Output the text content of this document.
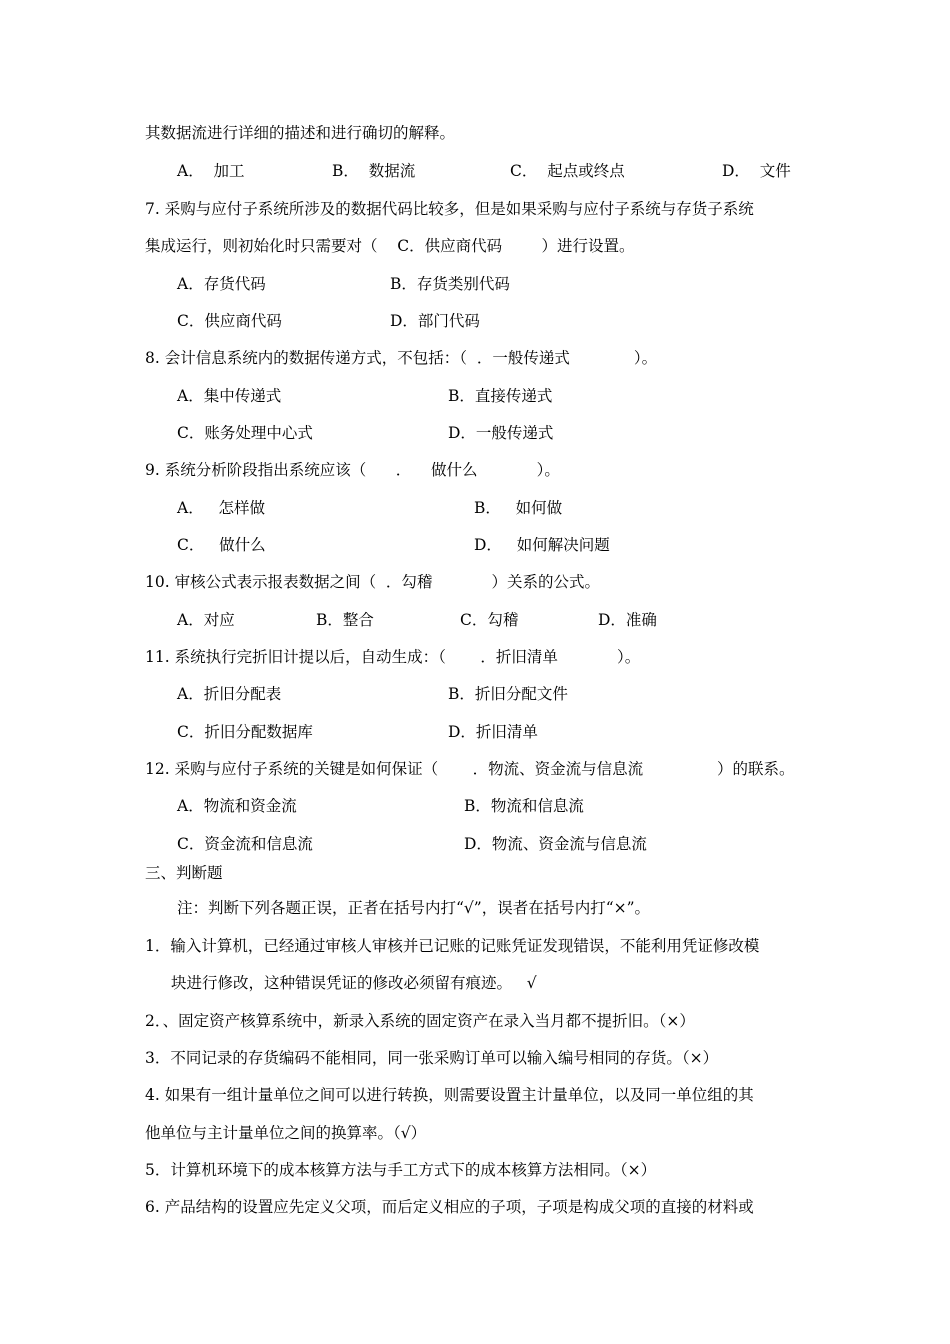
其数据流进行详细的描述和进行确切的解释。

A．  加工

	B．  数据流

	C．  起点或终点

	D．  文件

7. 采购与应付子系统所涉及的数据代码比较多，但是如果采购与应付子系统与存货子系统

集成运行，则初始化时只需要对（    C．供应商代码        ）进行设置。

A．存货代码

	B．存货类别代码

C．供应商代码

	D．部门代码

8. 会计信息系统内的数据传递方式，不包括：（  ．一般传递式             ）。

A．集中传递式

	B．直接传递式

C．账务处理中心式

	D．一般传递式

9. 系统分析阶段指出系统应该（      ．    做什么            ）。

A．   怎样做

	B．   如何做

C．   做什么

	D．   如何解决问题

10. 审核公式表示报表数据之间（  ．勾稽            ）关系的公式。

A．对应

	B．整合

	C．勾稽

	D．准确

11. 系统执行完折旧计提以后，自动生成：（       ．折旧清单            ）。

A．折旧分配表

	B．折旧分配文件

C．折旧分配数据库

	D．折旧清单

12. 采购与应付子系统的关键是如何保证（       ．物流、资金流与信息流               ）的联系。

A．物流和资金流

	B．物流和信息流

C．资金流和信息流

	D．物流、资金流与信息流

三、判断题

注：判断下列各题正误，正者在括号内打“√”，误者在括号内打“×”。

1．输入计算机，已经通过审核人审核并已记账的记账凭证发现错误，不能利用凭证修改模

块进行修改，这种错误凭证的修改必须留有痕迹。   √

2．、固定资产核算系统中，新录入系统的固定资产在录入当月都不提折旧。（×）

3．不同记录的存货编码不能相同，同一张采购订单可以输入编号相同的存货。（×）

4. 如果有一组计量单位之间可以进行转换，则需要设置主计量单位，以及同一单位组的其

他单位与主计量单位之间的换算率。（√）

5．计算机环境下的成本核算方法与手工方式下的成本核算方法相同。（×）

6. 产品结构的设置应先定义父项，而后定义相应的子项，子项是构成父项的直接的材料或
